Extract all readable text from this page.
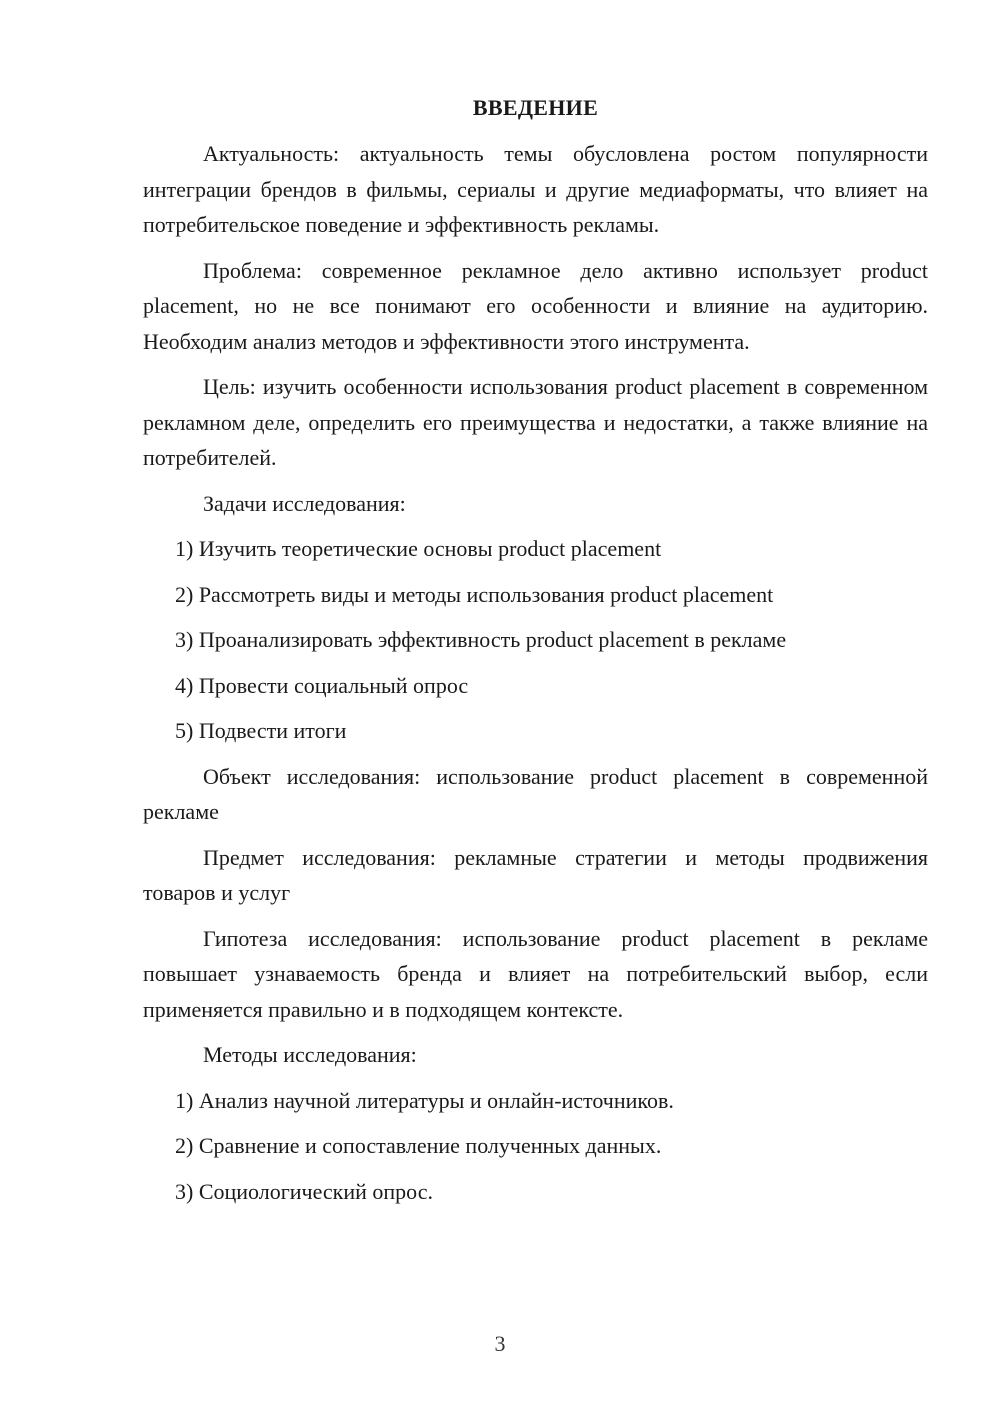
ВВЕДЕНИЕ

Актуальность: актуальность темы обусловлена ростом популярности интеграции брендов в фильмы, сериалы и другие медиаформаты, что влияет на потребительское поведение и эффективность рекламы.

Проблема: современное рекламное дело активно использует product placement, но не все понимают его особенности и влияние на аудиторию. Необходим анализ методов и эффективности этого инструмента.

Цель: изучить особенности использования product placement в современном рекламном деле, определить его преимущества и недостатки, а также влияние на потребителей.

Задачи исследования:
1) Изучить теоретические основы product placement
2) Рассмотреть виды и методы использования product placement
3) Проанализировать эффективность product placement в рекламе
4) Провести социальный опрос
5) Подвести итоги

Объект исследования: использование product placement в современной рекламе

Предмет исследования: рекламные стратегии и методы продвижения товаров и услуг

Гипотеза исследования: использование product placement в рекламе повышает узнаваемость бренда и влияет на потребительский выбор, если применяется правильно и в подходящем контексте.

Методы исследования:
1) Анализ научной литературы и онлайн-источников.
2) Сравнение и сопоставление полученных данных.
3) Социологический опрос.
3
